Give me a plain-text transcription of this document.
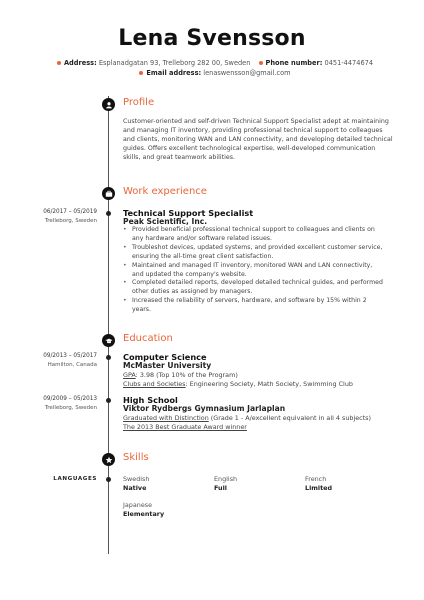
Lena Svensson
Address: Esplanadgatan 93, Trelleborg 282 00, Sweden Phone number: 0451-4474674
Email address: lenaswensson@gmail.com
Profile
Customer-oriented and self-driven Technical Support Specialist adept at maintaining and managing IT inventory, providing professional technical support to colleagues and clients, monitoring WAN and LAN connectivity, and developing detailed technical guides. Offers excellent technological expertise, well-developed communication skills, and great teamwork abilities.
Work experience
06/2017 – 05/2019
Trelleborg, Sweden
Technical Support Specialist
Peak Scientific, Inc.
• Provided beneficial professional technical support to colleagues and clients on any hardware and/or software related issues.
• Troubleshot devices, updated systems, and provided excellent customer service, ensuring the all-time great client satisfaction.
• Maintained and managed IT inventory, monitored WAN and LAN connectivity, and updated the company's website.
• Completed detailed reports, developed detailed technical guides, and performed other duties as assigned by managers.
• Increased the reliability of servers, hardware, and software by 15% within 2 years.
Education
09/2013 – 05/2017
Hamilton, Canada
Computer Science
McMaster University
GPA: 3.98 (Top 10% of the Program)
Clubs and Societies: Engineering Society, Math Society, Swimming Club
09/2009 – 05/2013
Trelleborg, Sweden
High School
Viktor Rydbergs Gymnasium Jarlaplan
Graduated with Distinction (Grade 1 - A/excellent equivalent in all 4 subjects)
The 2013 Best Graduate Award winner
Skills
LANGUAGES	Swedish
Native
English
Full
French
Limited
Japanese
Elementary
